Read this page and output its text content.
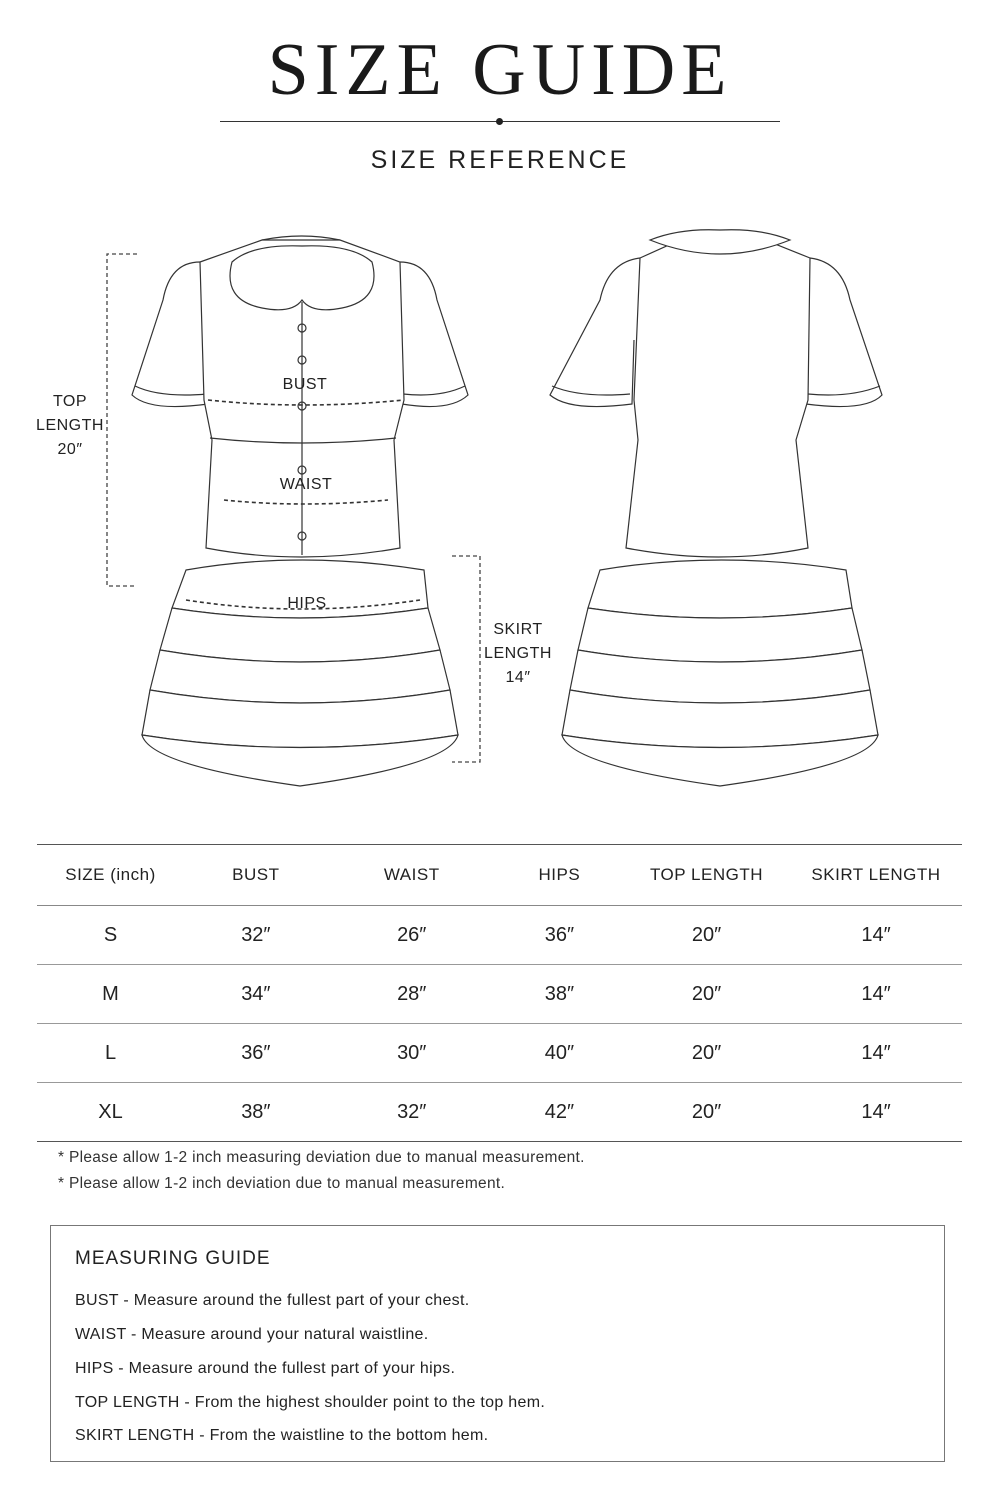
SIZE GUIDE
SIZE REFERENCE
BUST
WAIST
HIPS
TOP
LENGTH
20″
SKIRT
LENGTH
14″
SIZE (inch)	BUST	WAIST	HIPS	TOP LENGTH	SKIRT LENGTH
S	32″	26″	36″	20″	14″
M	34″	28″	38″	20″	14″
L	36″	30″	40″	20″	14″
XL	38″	32″	42″	20″	14″
* Please allow 1-2 inch measuring deviation due to manual measurement.
* Please allow 1-2 inch deviation due to manual measurement.
MEASURING GUIDE
BUST - Measure around the fullest part of your chest.
WAIST - Measure around your natural waistline.
HIPS - Measure around the fullest part of your hips.
TOP LENGTH - From the highest shoulder point to the top hem.
SKIRT LENGTH - From the waistline to the bottom hem.
